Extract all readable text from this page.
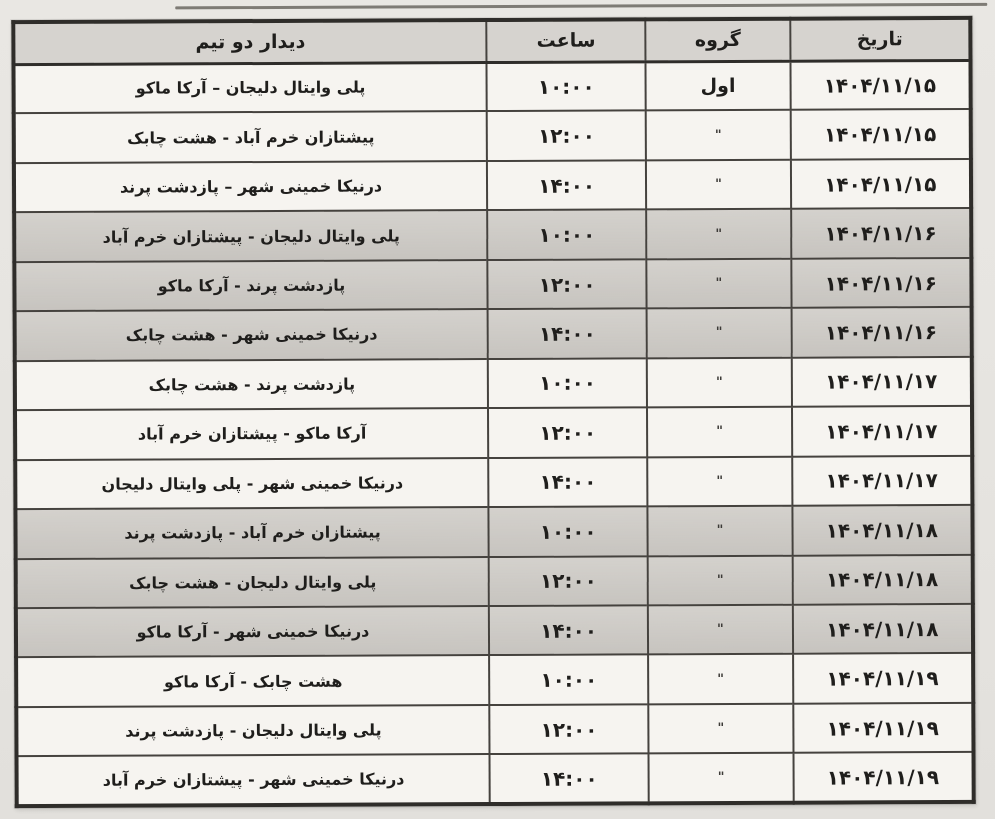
تاریخ	گروه	ساعت	دیدار دو تیم
۱۴۰۴/۱۱/۱۵	اول	۱۰:۰۰	پلی وایتال دلیجان – آرکا ماکو
۱۴۰۴/۱۱/۱۵	"	۱۲:۰۰	پیشتازان خرم آباد - هشت چابک
۱۴۰۴/۱۱/۱۵	"	۱۴:۰۰	درنیکا خمینی شهر – پازدشت پرند
۱۴۰۴/۱۱/۱۶	"	۱۰:۰۰	پلی وایتال دلیجان - پیشتازان خرم آباد
۱۴۰۴/۱۱/۱۶	"	۱۲:۰۰	پازدشت پرند - آرکا ماکو
۱۴۰۴/۱۱/۱۶	"	۱۴:۰۰	درنیکا خمینی شهر - هشت چابک
۱۴۰۴/۱۱/۱۷	"	۱۰:۰۰	پازدشت پرند - هشت چابک
۱۴۰۴/۱۱/۱۷	"	۱۲:۰۰	آرکا ماکو - پیشتازان خرم آباد
۱۴۰۴/۱۱/۱۷	"	۱۴:۰۰	درنیکا خمینی شهر - پلی وایتال دلیجان
۱۴۰۴/۱۱/۱۸	"	۱۰:۰۰	پیشتازان خرم آباد - پازدشت پرند
۱۴۰۴/۱۱/۱۸	"	۱۲:۰۰	پلی وایتال دلیجان - هشت چابک
۱۴۰۴/۱۱/۱۸	"	۱۴:۰۰	درنیکا خمینی شهر - آرکا ماکو
۱۴۰۴/۱۱/۱۹	"	۱۰:۰۰	هشت چابک - آرکا ماکو
۱۴۰۴/۱۱/۱۹	"	۱۲:۰۰	پلی وایتال دلیجان - پازدشت پرند
۱۴۰۴/۱۱/۱۹	"	۱۴:۰۰	درنیکا خمینی شهر - پیشتازان خرم آباد
